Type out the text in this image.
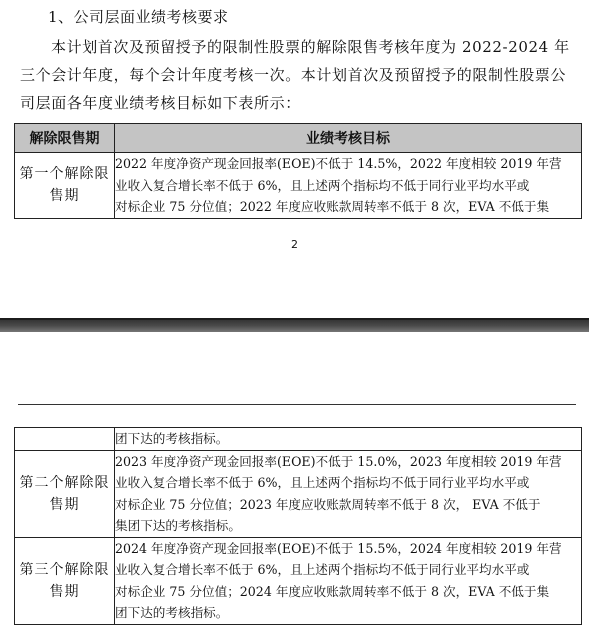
1、公司层面业绩考核要求
本计划首次及预留授予的限制性股票的解除限售考核年度为 2022-2024 年
三个会计年度，每个会计年度考核一次。本计划首次及预留授予的限制性股票公
司层面各年度业绩考核目标如下表所示：
解除限售期	业绩考核目标
第一个解除限
售期	2022 年度净资产现金回报率(EOE)不低于 14.5%，2022 年度相较 2019 年营
业收入复合增长率不低于 6%，且上述两个指标均不低于同行业平均水平或
对标企业 75 分位值；2022 年度应收账款周转率不低于 8 次，EVA 不低于集
2

	团下达的考核指标。

第二个解除限
售期	2023 年度净资产现金回报率(EOE)不低于 15.0%，2023 年度相较 2019 年营
业收入复合增长率不低于 6%，且上述两个指标均不低于同行业平均水平或
对标企业 75 分位值；2023 年度应收账款周转率不低于 8 次， EVA 不低于
集团下达的考核指标。

第三个解除限
售期	2024 年度净资产现金回报率(EOE)不低于 15.5%，2024 年度相较 2019 年营
业收入复合增长率不低于 6%，且上述两个指标均不低于同行业平均水平或
对标企业 75 分位值；2024 年度应收账款周转率不低于 8 次，EVA 不低于集
团下达的考核指标。
